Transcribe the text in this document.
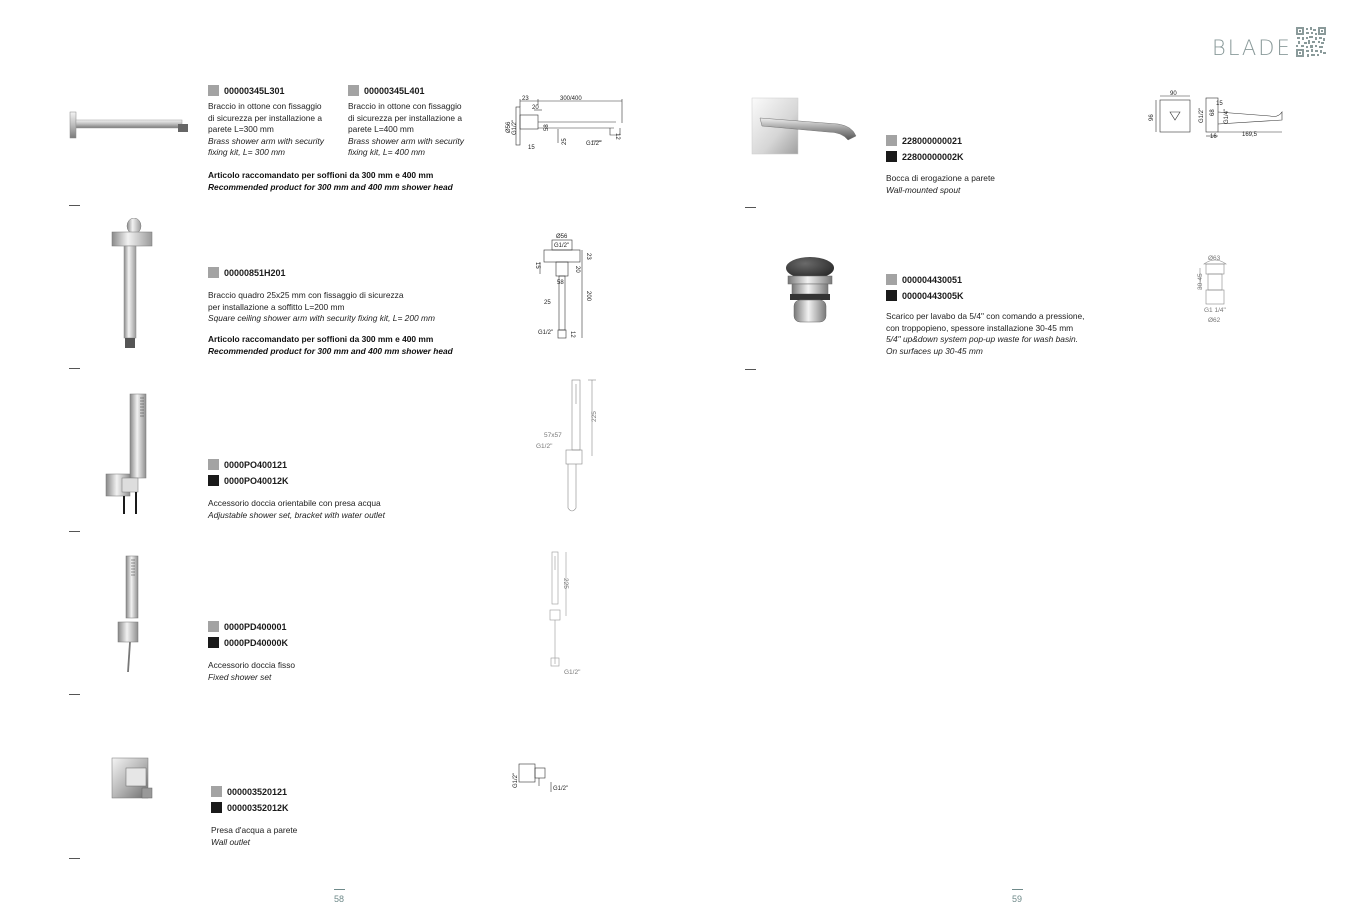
BLADE
00000345L301
Braccio in ottone con fissaggio
di sicurezza per installazione a
parete L=300 mm
Brass shower arm with security
fixing kit, L= 300 mm
00000345L401
Braccio in ottone con fissaggio
di sicurezza per installazione a
parete L=400 mm
Brass shower arm with security
fixing kit, L= 400 mm
Articolo raccomandato per soffioni da 300 mm e 400 mm
Recommended product for 300 mm and 400 mm shower head
23	300/400
20
Ø56 G1/2"	58
15
25	G1/2"
12
00000851H201
Braccio quadro 25x25 mm con fissaggio di sicurezza
per installazione a soffitto L=200 mm
Square ceiling shower arm with security fixing kit, L= 200 mm
Articolo raccomandato per soffioni da 300 mm e 400 mm
Recommended product for 300 mm and 400 mm shower head
Ø56
G1/2"
23
15
20
58
200
25
G1/2"	12
0000PO400121
0000PO40012K
Accessorio doccia orientabile con presa acqua
Adjustable shower set, bracket with water outlet
225
57x57
G1/2"
0000PD400001
0000PD40000K
Accessorio doccia fisso
Fixed shower set
225
G1/2"
000003520121
00000352012K
Presa d'acqua a parete
Wall outlet
G1/2"
G1/2"
58
228000000021
22800000002K
Bocca di erogazione a parete
Wall-mounted spout
90
96	G1/2"
15
68 G1/4"
16	169,5
000004430051
00000443005K
Scarico per lavabo da 5/4" con comando a pressione,
con troppopieno, spessore installazione 30-45 mm
5/4" up&down system pop-up waste for wash basin.
On surfaces up 30-45 mm
Ø63
30-45
G1 1/4"
Ø62
59
